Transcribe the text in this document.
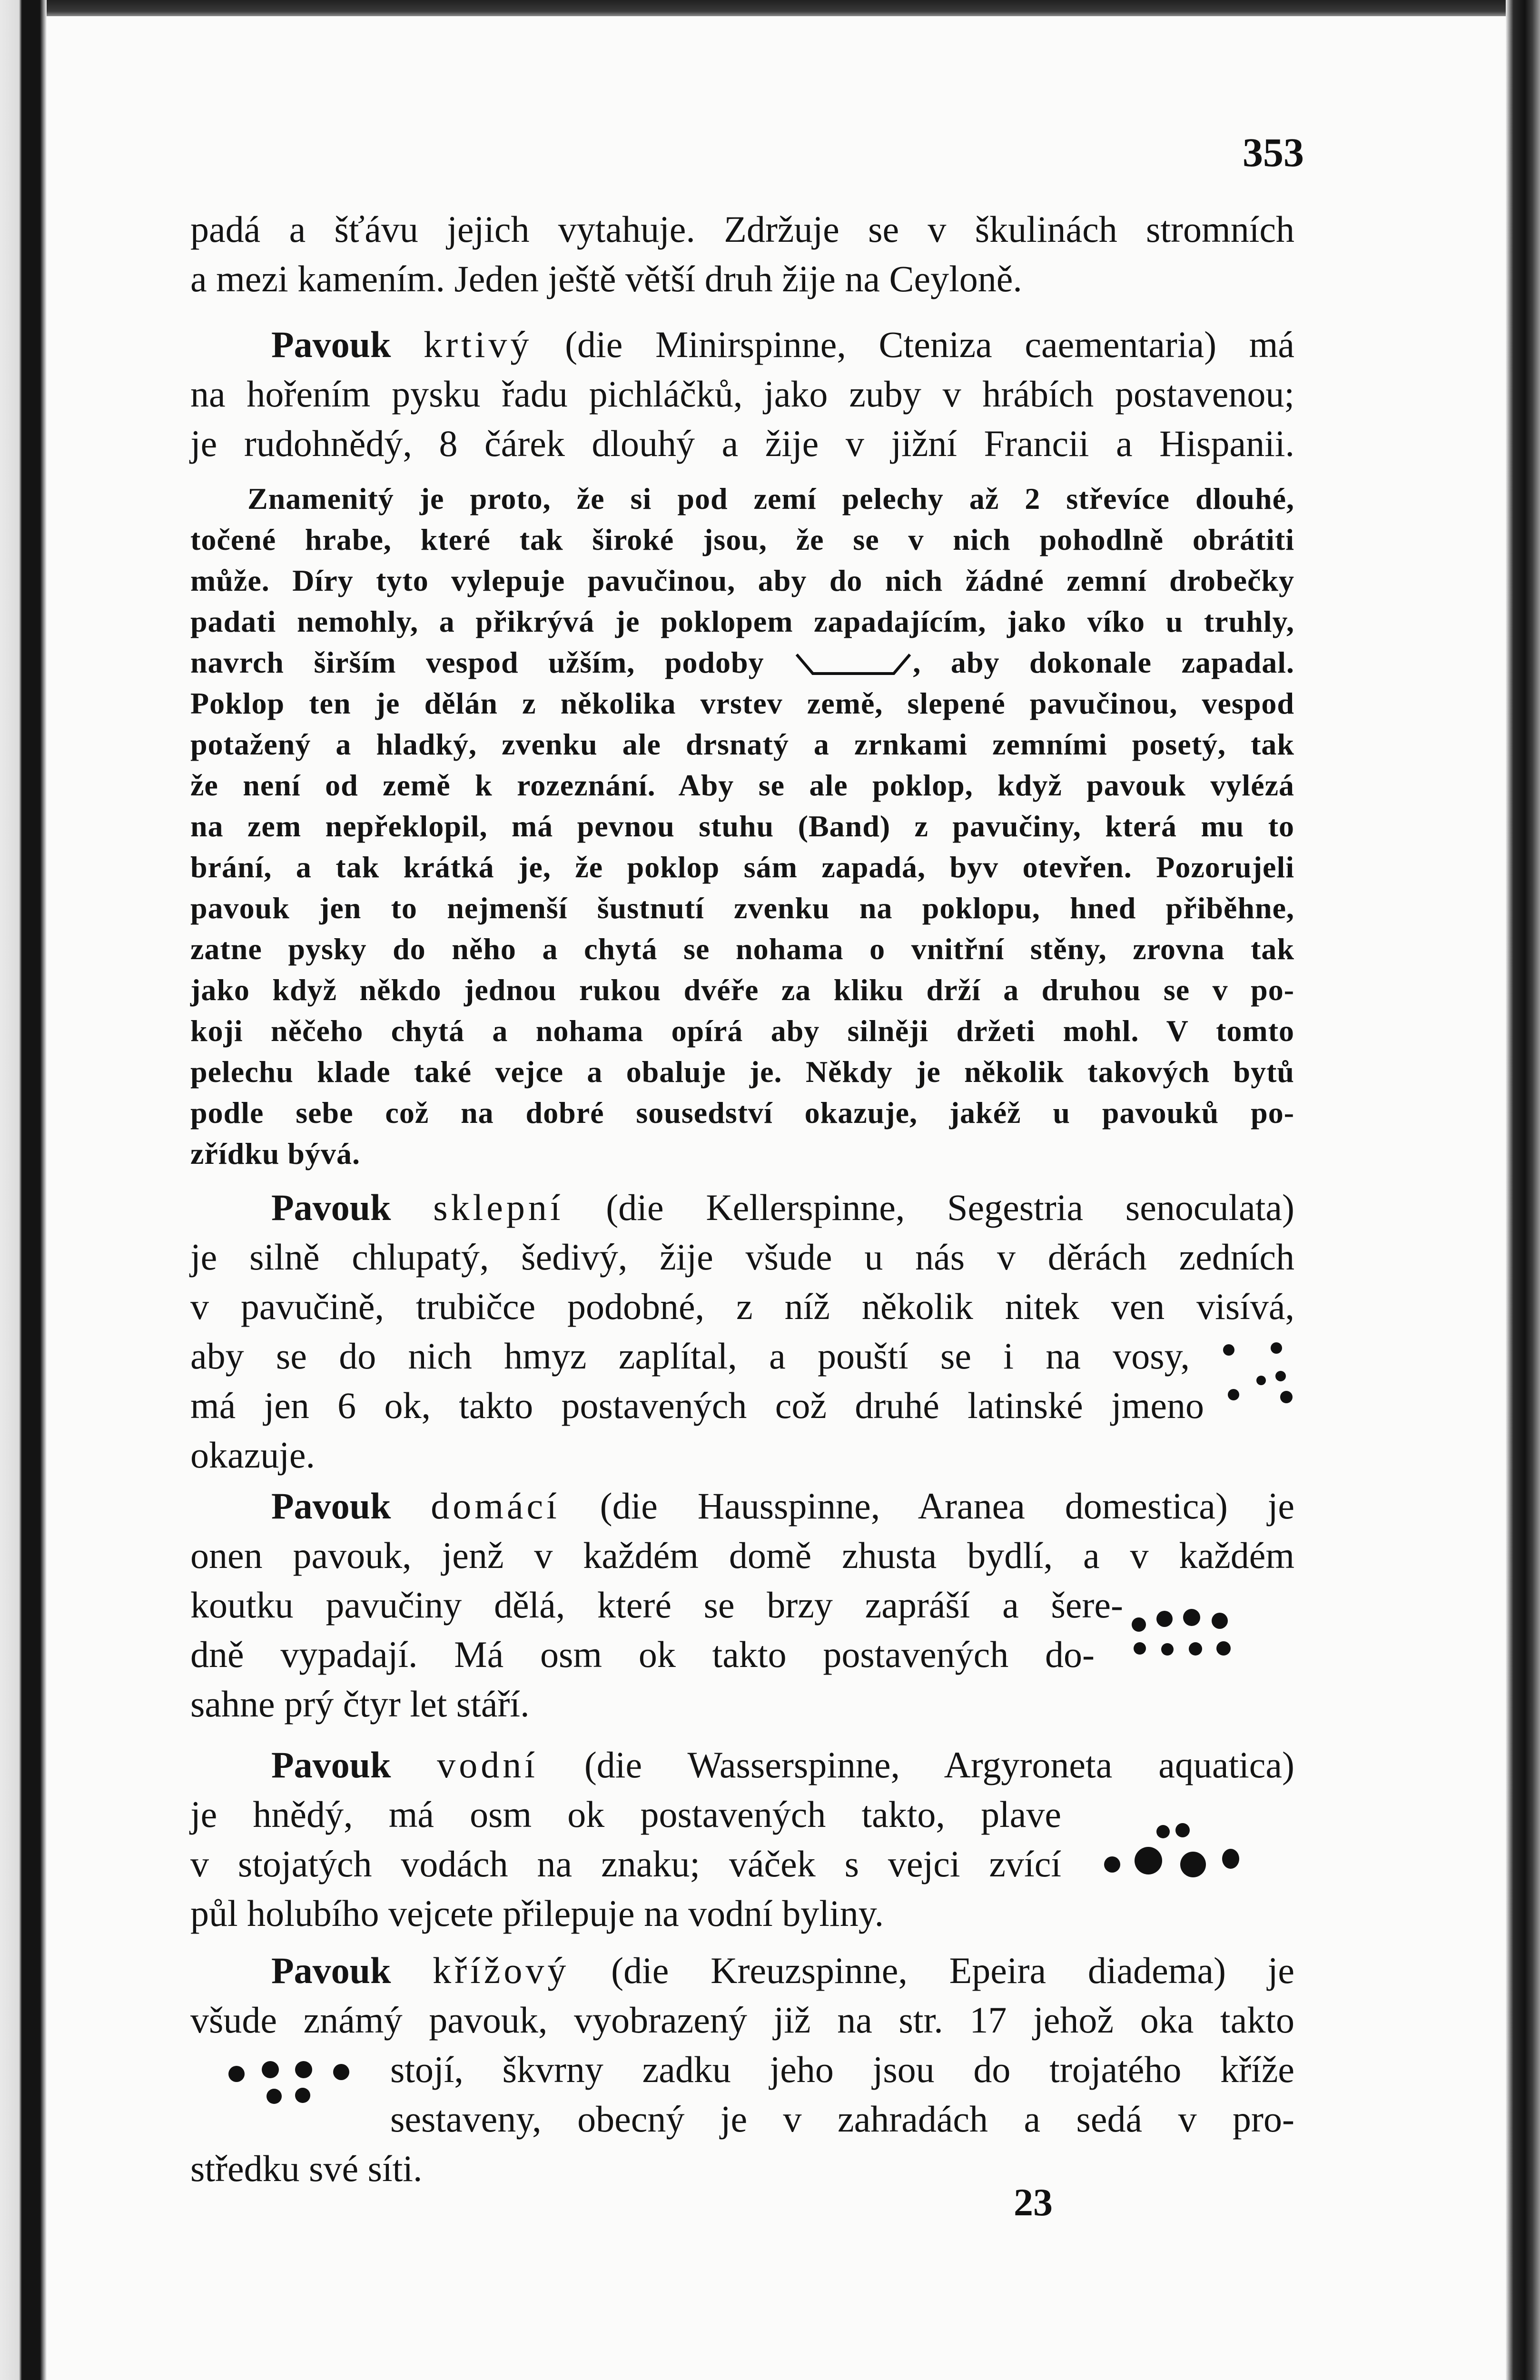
353

padá a šťávu jejich vytahuje. Zdržuje se v škulinách stromních

a mezi kamením. Jeden ještě větší druh žije na Ceyloně.

Pavouk krtivý (die Minirspinne, Ctenizа caementaria) má

na hořením pysku řadu pichláčků, jako zuby v hrábích postavenou;

je rudohnědý, 8 čárek dlouhý a žije v jižní Francii a Hispanii.

Znamenitý je proto, že si pod zemí pelechy až 2 střevíce dlouhé,

točené hrabe, které tak široké jsou, že se v nich pohodlně obrátiti

může. Díry tyto vylepuje pavučinou, aby do nich žádné zemní drobečky

padati nemohly, a přikrývá je poklopem zapadajícím, jako víko u truhly,

navrch širším vespod užším, podoby	, aby dokonale zapadal.

Poklop ten je dělán z několika vrstev země, slepené pavučinou, vespod

potažený a hladký, zvenku ale drsnatý a zrnkami zemními posetý, tak

že není od země k rozeznání. Aby se ale poklop, když pavouk vylézá

na zem nepřeklopil, má pevnou stuhu (Band) z pavučiny, která mu to

brání, a tak krátká je, že poklop sám zapadá, byv otevřen. Pozorujeli

pavouk jen to nejmenší šustnutí zvenku na poklopu, hned přiběhne,

zatne pysky do něho a chytá se nohama o vnitřní stěny, zrovna tak

jako když někdo jednou rukou dvéře za kliku drží a druhou se v po-

koji něčeho chytá a nohama opírá aby silněji držeti mohl. V tomto

pelechu klade také vejce a obaluje je. Někdy je několik takových bytů

podle sebe což na dobré sousedství okazuje, jakéž u pavouků po-

zřídku bývá.

Pavouk sklepní (die Kellerspinne, Segestria senoculata)

je silně chlupatý, šedivý, žije všude u nás v děrách zedních

v pavučině, trubičce podobné, z níž několik nitek ven visívá,

aby se do nich hmyz zaplítal, a pouští se i na vosy,

má jen 6 ok, takto postavených což druhé latinské jmeno

okazuje.

Pavouk domácí (die Hausspinne, Aranea domestica) je

onen pavouk, jenž v každém domě zhusta bydlí, a v každém

koutku pavučiny dělá, které se brzy zapráší a šere-

dně vypadají. Má osm ok takto postavených do-

sahne prý čtyr let stáří.

Pavouk vodní (die Wasserspinne, Argyroneta aquatica)

je hnědý, má osm ok postavených takto, plave

v stojatých vodách na znaku; váček s vejci zvící

půl holubího vejcete přilepuje na vodní byliny.

Pavouk křížový (die Kreuzspinne, Epeira diadema) je

všude známý pavouk, vyobrazený již na str. 17 jehož oka takto

stojí, škvrny zadku jeho jsou do trojatého kříže

sestaveny, obecný je v zahradách a sedá v pro-

středku své síti.

23
